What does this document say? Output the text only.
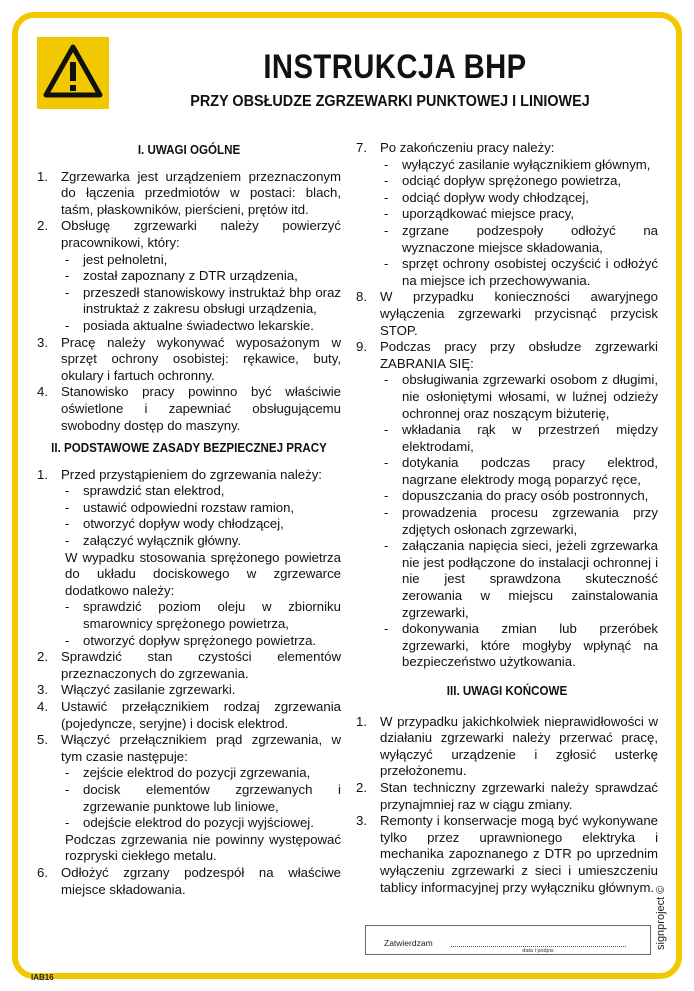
INSTRUKCJA BHP
PRZY OBSŁUDZE ZGRZEWARKI PUNKTOWEJ I LINIOWEJ
I. UWAGI OGÓLNE
1. Zgrzewarka jest urządzeniem przeznaczonym do łączenia przedmiotów w postaci: blach, taśm, płaskowników, pierścieni, prętów itd.
2. Obsługę zgrzewarki należy powierzyć pracownikowi, który:
- jest pełnoletni,
- został zapoznany z DTR urządzenia,
- przeszedł stanowiskowy instruktaż bhp oraz instruktaż z zakresu obsługi urządzenia,
- posiada aktualne świadectwo lekarskie.
3. Pracę należy wykonywać wyposażonym w sprzęt ochrony osobistej: rękawice, buty, okulary i fartuch ochronny.
4. Stanowisko pracy powinno być właściwie oświetlone i zapewniać obsługującemu swobodny dostęp do maszyny.
II. PODSTAWOWE ZASADY BEZPIECZNEJ PRACY
1. Przed przystąpieniem do zgrzewania należy:
- sprawdzić stan elektrod,
- ustawić odpowiedni rozstaw ramion,
- otworzyć dopływ wody chłodzącej,
- załączyć wyłącznik główny.
W wypadku stosowania sprężonego powietrza do układu dociskowego w zgrzewarce dodatkowo należy:
- sprawdzić poziom oleju w zbiorniku smarownicy sprężonego powietrza,
- otworzyć dopływ sprężonego powietrza.
2. Sprawdzić stan czystości elementów przeznaczonych do zgrzewania.
3. Włączyć zasilanie zgrzewarki.
4. Ustawić przełącznikiem rodzaj zgrzewania (pojedyncze, seryjne) i docisk elektrod.
5. Włączyć przełącznikiem prąd zgrzewania, w tym czasie następuje:
- zejście elektrod do pozycji zgrzewania,
- docisk elementów zgrzewanych i zgrzewanie punktowe lub liniowe,
- odejście elektrod do pozycji wyjściowej.
Podczas zgrzewania nie powinny występować rozpryski ciekłego metalu.
6. Odłożyć zgrzany podzespół na właściwe miejsce składowania.
7. Po zakończeniu pracy należy:
- wyłączyć zasilanie wyłącznikiem głównym,
- odciąć dopływ sprężonego powietrza,
- odciąć dopływ wody chłodzącej,
- uporządkować miejsce pracy,
- zgrzane podzespoły odłożyć na wyznaczone miejsce składowania,
- sprzęt ochrony osobistej oczyścić i odłożyć na miejsce ich przechowywania.
8. W przypadku konieczności awaryjnego wyłączenia zgrzewarki przycisnąć przycisk STOP.
9. Podczas pracy przy obsłudze zgrzewarki ZABRANIA SIĘ:
- obsługiwania zgrzewarki osobom z długimi, nie osłoniętymi włosami, w luźnej odzieży ochronnej oraz noszącym biżuterię,
- wkładania rąk w przestrzeń między elektrodami,
- dotykania podczas pracy elektrod, nagrzane elektrody mogą poparzyć ręce,
- dopuszczania do pracy osób postronnych,
- prowadzenia procesu zgrzewania przy zdjętych osłonach zgrzewarki,
- załączania napięcia sieci, jeżeli zgrzewarka nie jest podłączone do instalacji ochronnej i nie jest sprawdzona skuteczność zerowania w miejscu zainstalowania zgrzewarki,
- dokonywania zmian lub przeróbek zgrzewarki, które mogłyby wpłynąć na bezpieczeństwo użytkowania.
III. UWAGI KOŃCOWE
1. W przypadku jakichkolwiek nieprawidłowości w działaniu zgrzewarki należy przerwać pracę, wyłączyć urządzenie i zgłosić usterkę przełożonemu.
2. Stan techniczny zgrzewarki należy sprawdzać przynajmniej raz w ciągu zmiany.
3. Remonty i konserwacje mogą być wykonywane tylko przez uprawnionego elektryka i mechanika zapoznanego z DTR po uprzednim wyłączeniu zgrzewarki z sieci i umieszczeniu tablicy informacyjnej przy wyłączniku głównym.
Zatwierdzam
data i podpis
signproject ©
IAB16
